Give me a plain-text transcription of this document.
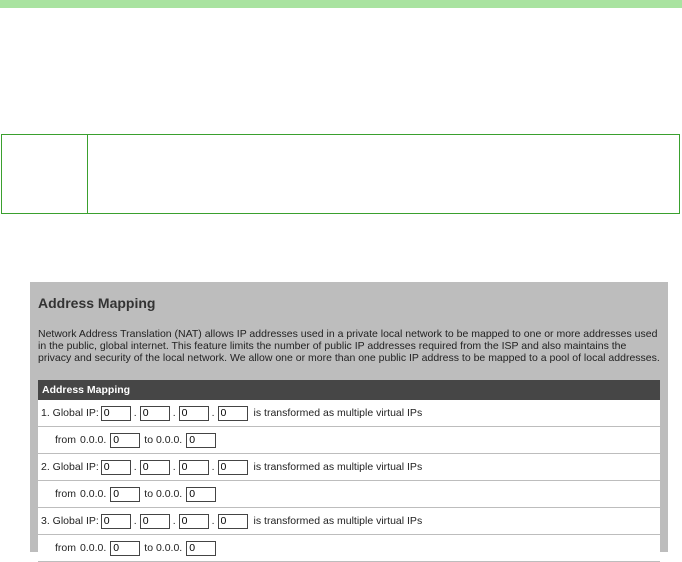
Address Mapping
Network Address Translation (NAT) allows IP addresses used in a private local network to be mapped to one or more addresses used in the public, global internet. This feature limits the number of public IP addresses required from the ISP and also maintains the privacy and security of the local network. We allow one or more than one public IP address to be mapped to a pool of local addresses.
Address Mapping
1. Global IP:
0	.
0	.
0	.
0	is transformed as multiple virtual IPs
from 0.0.0.
0	to 0.0.0.
0
2. Global IP:
0	.
0	.
0	.
0	is transformed as multiple virtual IPs
from 0.0.0.
0	to 0.0.0.
0
3. Global IP:
0	.
0	.
0	.
0	is transformed as multiple virtual IPs
from 0.0.0.
0	to 0.0.0.
0
